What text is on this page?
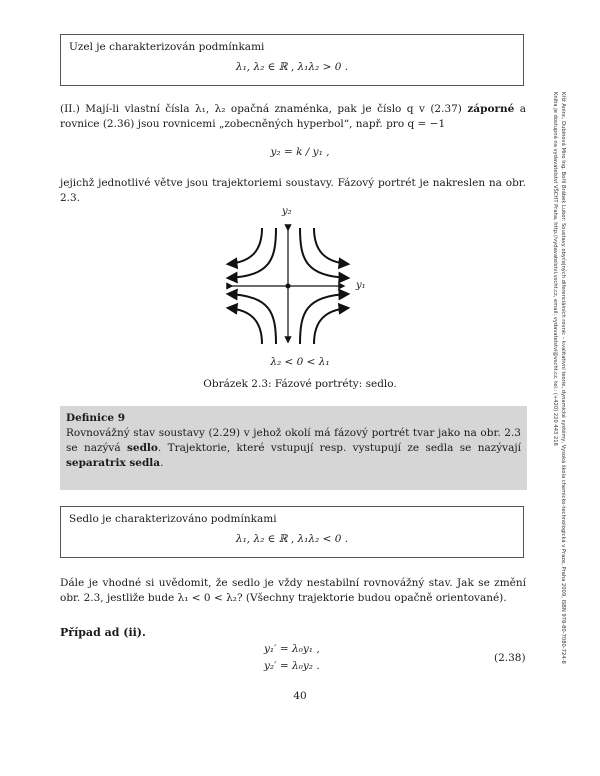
Uzel je charakterizován podmínkami
λ₁, λ₂ ∈ ℝ , λ₁λ₂ > 0 .
(II.) Mají-li vlastní čísla λ₁, λ₂ opačná znaménka, pak je číslo q v (2.37) záporné a rovnice (2.36) jsou rovnicemi „zobecněných hyperbol“, např. pro q = −1
y₂ = k / y₁ ,
jejichž jednotlivé větve jsou trajektoriemi soustavy. Fázový portrét je nakreslen na obr. 2.3.
y₂
y₁
λ₂ < 0 < λ₁
Obrázek 2.3: Fázové portréty: sedlo.
Definice 9
Rovnovážný stav soustavy (2.29) v jehož okolí má fázový portrét tvar jako na obr. 2.3 se nazývá sedlo. Trajektorie, které vstupují resp. vystupují ze sedla se nazývají separatrix sedla.
Sedlo je charakterizováno podmínkami
λ₁, λ₂ ∈ ℝ , λ₁λ₂ < 0 .
Dále je vhodné si uvědomit, že sedlo je vždy nestabilní rovnovážný stav. Jak se změní obr. 2.3, jestliže bude λ₁ < 0 < λ₂? (Všechny trajektorie budou opačně orientované).
Případ ad (ii).
y₁′ = λ₀y₁ ,
y₂′ = λ₀y₂ .
(2.38)
40
Kříž Aninc, Dubinová Miro Ing. Bořil Brábek Lubor: Soustavy obyčejných diferenciálních rovnic – kvalitativní teorie, dynamické systémy, Vysoká škola chemicko-technologická v Praze, Praha 2009, ISBN 978-80-7080-724-8
Kniha je dostupná na vydavatelství VŠCHT Praha, http://vydavatelstvi.vscht.cz, email: vydavatelstvi@vscht.cz, tel.: (+420) 220 443 218
